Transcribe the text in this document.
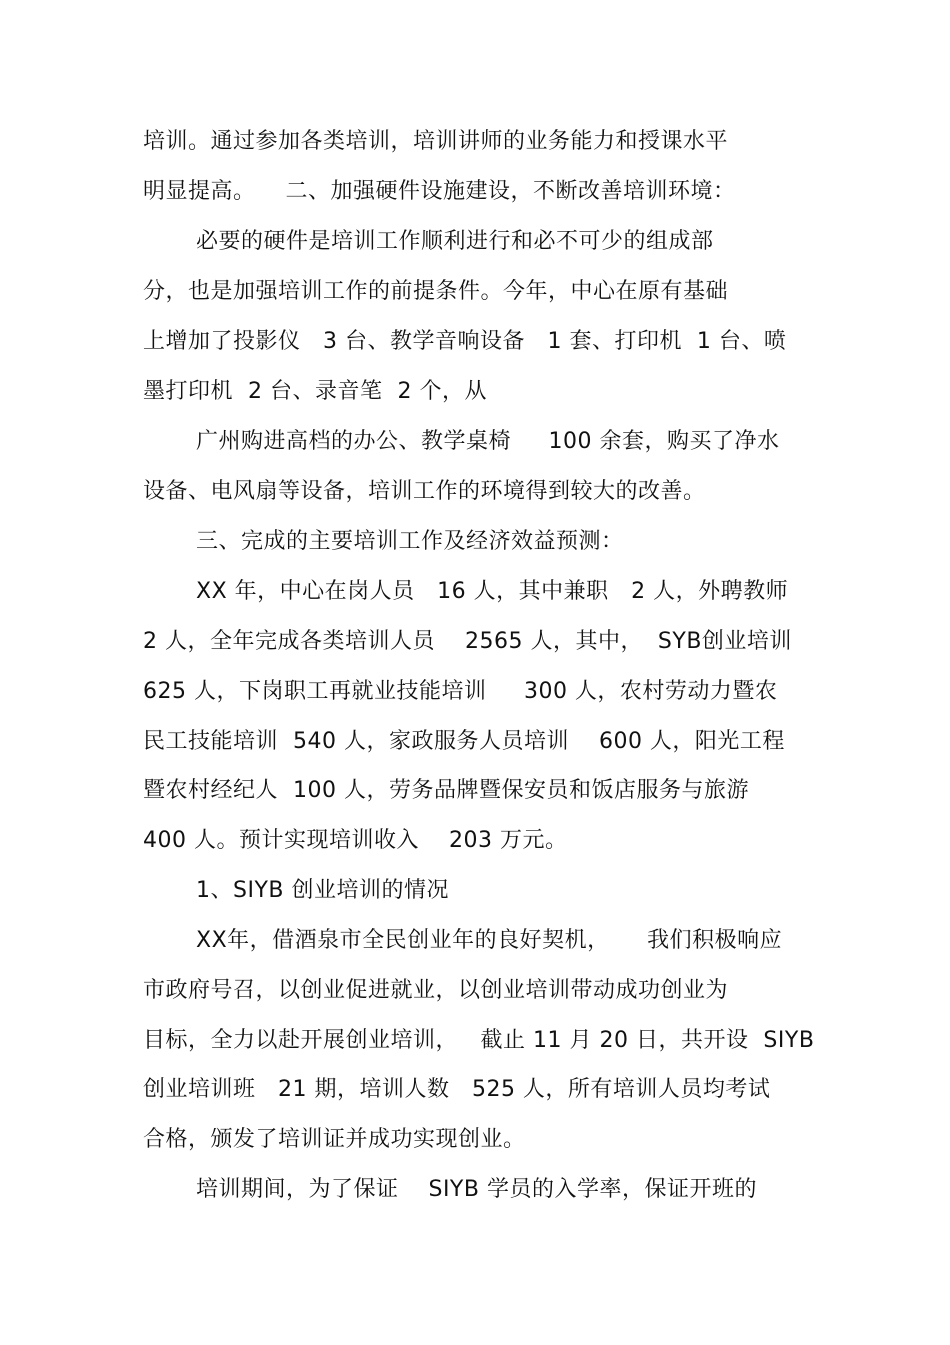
培训。通过参加各类培训，培训讲师的业务能力和授课水平
明显提高。    二、加强硬件设施建设，不断改善培训环境：
必要的硬件是培训工作顺利进行和必不可少的组成部
分，也是加强培训工作的前提条件。今年，中心在原有基础
上增加了投影仪   3 台、教学音响设备   1 套、打印机  1 台、喷
墨打印机  2 台、录音笔  2 个，从
广州购进高档的办公、教学桌椅     100 余套，购买了净水
设备、电风扇等设备，培训工作的环境得到较大的改善。
三、完成的主要培训工作及经济效益预测：
XX 年，中心在岗人员   16 人，其中兼职   2 人，外聘教师
2 人，全年完成各类培训人员    2565 人，其中，  SYB创业培训
625 人，下岗职工再就业技能培训     300 人，农村劳动力暨农
民工技能培训  540 人，家政服务人员培训    600 人，阳光工程
暨农村经纪人  100 人，劳务品牌暨保安员和饭店服务与旅游
400 人。预计实现培训收入    203 万元。
1、SIYB 创业培训的情况
XX年，借酒泉市全民创业年的良好契机，     我们积极响应
市政府号召，以创业促进就业，以创业培训带动成功创业为
目标，全力以赴开展创业培训，   截止 11 月 20 日，共开设  SIYB
创业培训班   21 期，培训人数   525 人，所有培训人员均考试
合格，颁发了培训证并成功实现创业。
培训期间，为了保证    SIYB 学员的入学率，保证开班的
